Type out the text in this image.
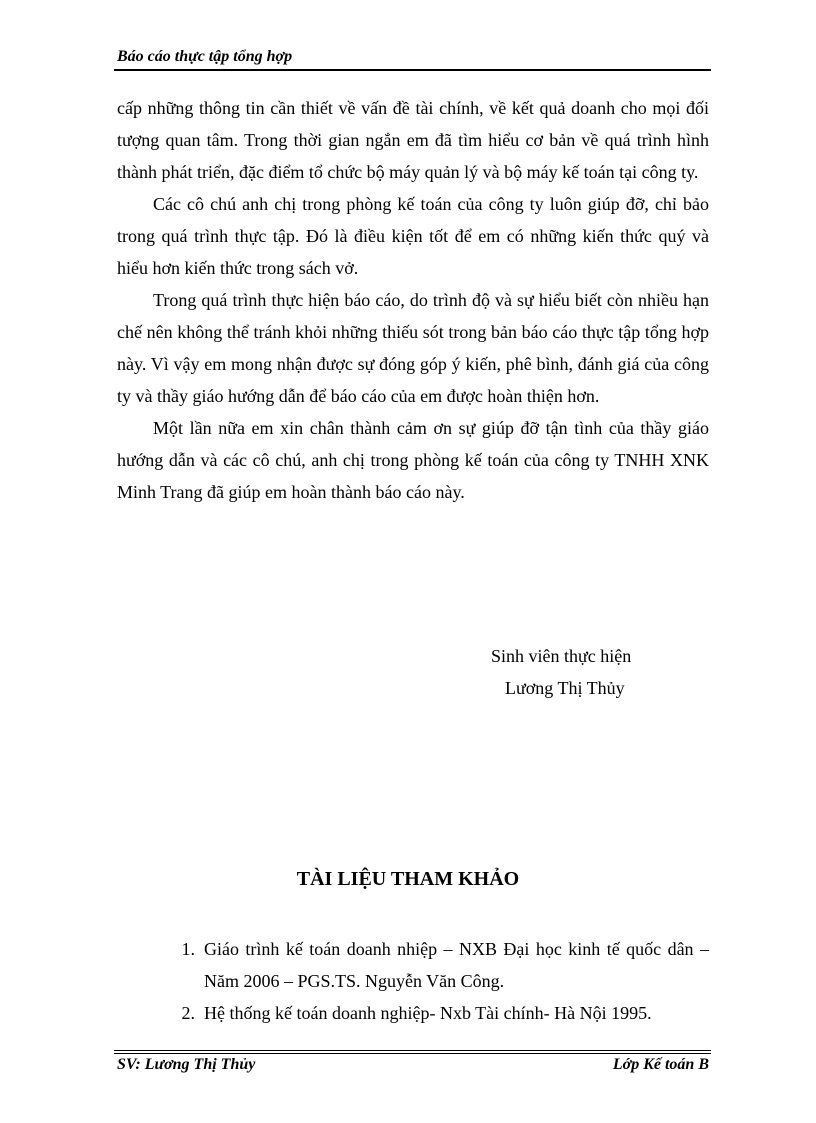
Báo cáo thực tập tổng hợp

cấp những thông tin cần thiết về vấn đề tài chính, về kết quả doanh cho mọi đối tượng quan tâm. Trong thời gian ngắn em đã tìm hiểu cơ bản về quá trình hình thành phát triển, đặc điểm tổ chức bộ máy quản lý và bộ máy kế toán tại công ty.

Các cô chú anh chị trong phòng kế toán của công ty luôn giúp đỡ, chỉ bảo trong quá trình thực tập. Đó là điều kiện tốt để em có những kiến thức quý và hiểu hơn kiến thức trong sách vở.

Trong quá trình thực hiện báo cáo, do trình độ và sự hiểu biết còn nhiều hạn chế nên không thể tránh khỏi những thiếu sót trong bản báo cáo thực tập tổng hợp này. Vì vậy em mong nhận được sự đóng góp ý kiến, phê bình, đánh giá của công ty và thầy giáo hướng dẫn để báo cáo của em được hoàn thiện hơn.

Một lần nữa em xin chân thành cảm ơn sự giúp đỡ tận tình của thầy giáo hướng dẫn và các cô chú, anh chị trong phòng kế toán của công ty TNHH XNK Minh Trang đã giúp em hoàn thành báo cáo này.

Sinh viên thực hiện
Lương Thị Thủy
TÀI LIỆU THAM KHẢO
1. Giáo trình kế toán doanh nhiệp – NXB Đại học kinh tế quốc dân – Năm 2006 – PGS.TS. Nguyễn Văn Công.
2. Hệ thống kế toán doanh nghiệp- Nxb Tài chính- Hà Nội 1995.
SV: Lương Thị Thủy	Lớp Kế toán B
